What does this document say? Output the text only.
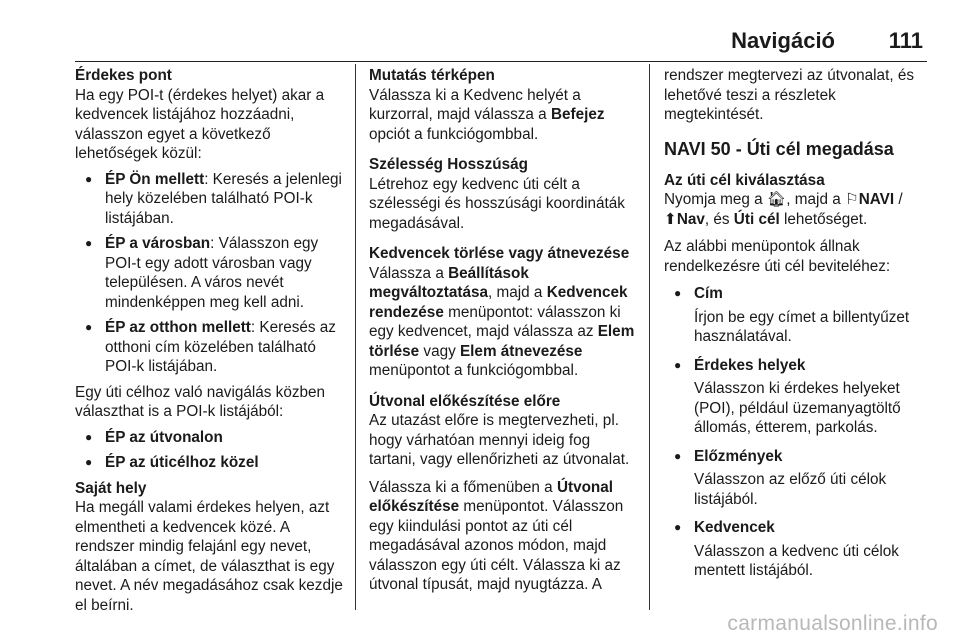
Navigáció 111

Érdekes pont

Ha egy POI-t (érdekes helyet) akar a kedvencek listájához hozzáadni, válasszon egyet a következő lehetőségek közül:

● ÉP Ön mellett: Keresés a jelenlegi hely közelében található POI-k listájában.
● ÉP a városban: Válasszon egy POI-t egy adott városban vagy településen. A város nevét mindenképpen meg kell adni.
● ÉP az otthon mellett: Keresés az otthoni cím közelében található POI-k listájában.

Egy úti célhoz való navigálás közben választhat is a POI-k listájából:

● ÉP az útvonalon
● ÉP az úticélhoz közel

Saját hely

Ha megáll valami érdekes helyen, azt elmentheti a kedvencek közé. A rendszer mindig felajánl egy nevet, általában a címet, de választhat is egy nevet. A név megadásához csak kezdje el beírni.

Mutatás térképen

Válassza ki a Kedvenc helyét a kurzorral, majd válassza a Befejez opciót a funkciógombbal.

Szélesség Hosszúság

Létrehoz egy kedvenc úti célt a szélességi és hosszúsági koordináták megadásával.

Kedvencek törlése vagy átnevezése

Válassza a Beállítások megváltoztatása, majd a Kedvencek rendezése menüpontot: válasszon ki egy kedvencet, majd válassza az Elem törlése vagy Elem átnevezése menüpontot a funkciógombbal.

Útvonal előkészítése előre

Az utazást előre is megtervezheti, pl. hogy várhatóan mennyi ideig fog tartani, vagy ellenőrizheti az útvonalat.

Válassza ki a főmenüben a Útvonal előkészítése menüpontot. Válasszon egy kiindulási pontot az úti cél megadásával azonos módon, majd válasszon egy úti célt. Válassza ki az útvonal típusát, majd nyugtázza. A

rendszer megtervezi az útvonalat, és lehetővé teszi a részletek megtekintését.

NAVI 50 - Úti cél megadása

Az úti cél kiválasztása

Nyomja meg a 🏠︎, majd a ⚐NAVI / ⬆Nav, és Úti cél lehetőséget.

Az alábbi menüpontok állnak rendelkezésre úti cél beviteléhez:

● Cím
Írjon be egy címet a billentyűzet használatával.
● Érdekes helyek
Válasszon ki érdekes helyeket (POI), például üzemanyagtöltő állomás, étterem, parkolás.
● Előzmények
Válasszon az előző úti célok listájából.
● Kedvencek
Válasszon a kedvenc úti célok mentett listájából.
carmanualsonline.info
